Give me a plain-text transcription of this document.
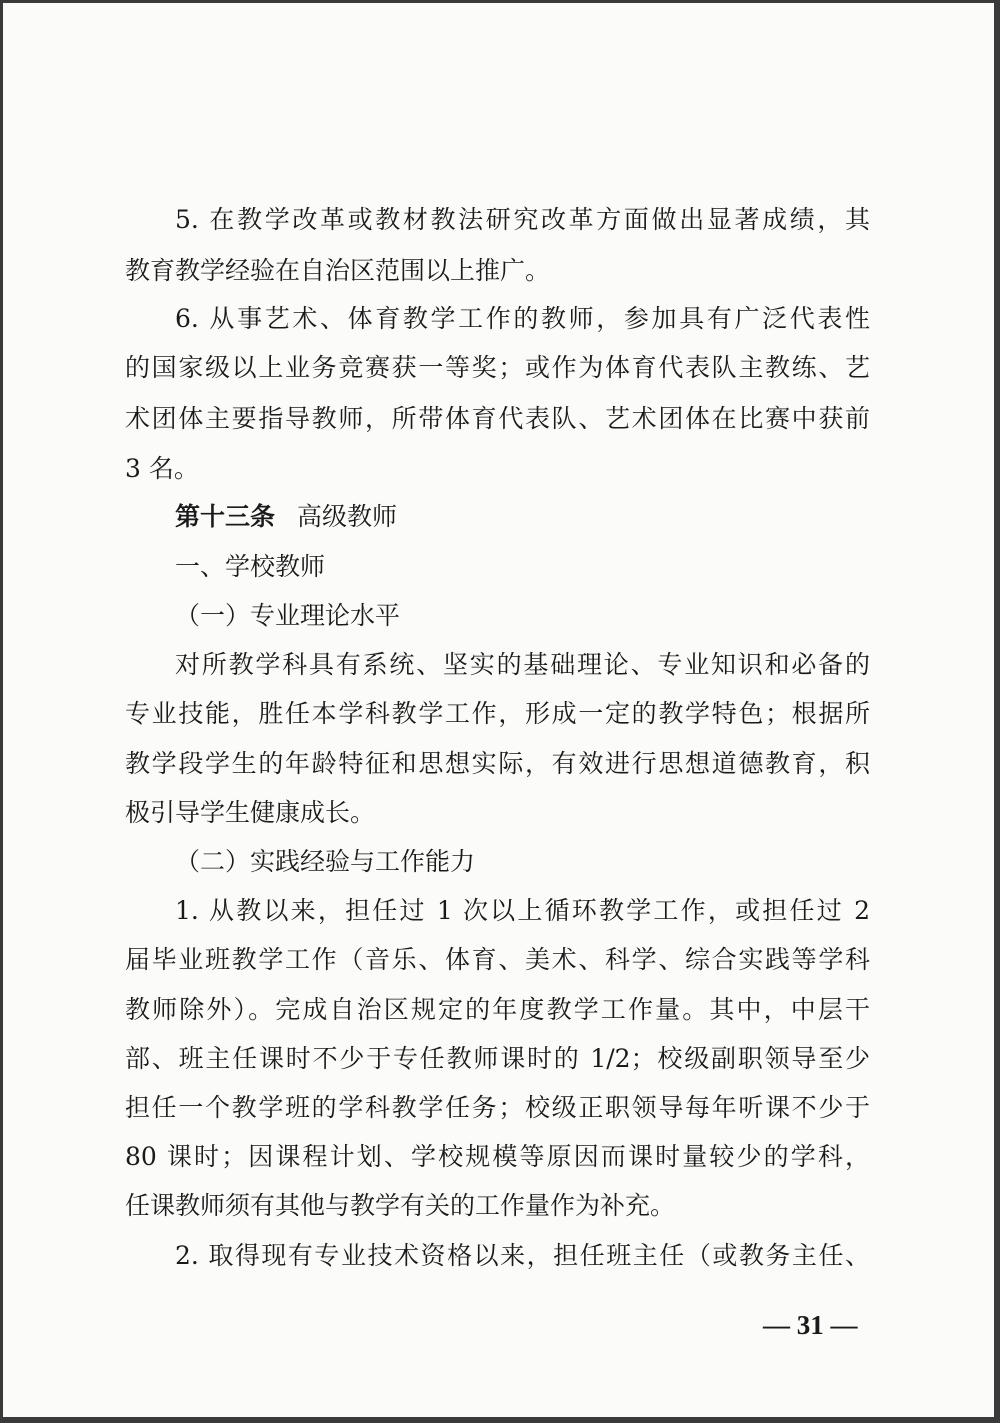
5. 在教学改革或教材教法研究改革方面做出显著成绩，其
教育教学经验在自治区范围以上推广。
6. 从事艺术、体育教学工作的教师，参加具有广泛代表性
的国家级以上业务竞赛获一等奖；或作为体育代表队主教练、艺
术团体主要指导教师，所带体育代表队、艺术团体在比赛中获前
3 名。
第十三条 高级教师
一、学校教师
（一）专业理论水平
对所教学科具有系统、坚实的基础理论、专业知识和必备的
专业技能，胜任本学科教学工作，形成一定的教学特色；根据所
教学段学生的年龄特征和思想实际，有效进行思想道德教育，积
极引导学生健康成长。
（二）实践经验与工作能力
1. 从教以来，担任过 1 次以上循环教学工作，或担任过 2
届毕业班教学工作（音乐、体育、美术、科学、综合实践等学科
教师除外）。完成自治区规定的年度教学工作量。其中，中层干
部、班主任课时不少于专任教师课时的 1/2；校级副职领导至少
担任一个教学班的学科教学任务；校级正职领导每年听课不少于
80 课时；因课程计划、学校规模等原因而课时量较少的学科，
任课教师须有其他与教学有关的工作量作为补充。
2. 取得现有专业技术资格以来，担任班主任（或教务主任、
— 31 —
